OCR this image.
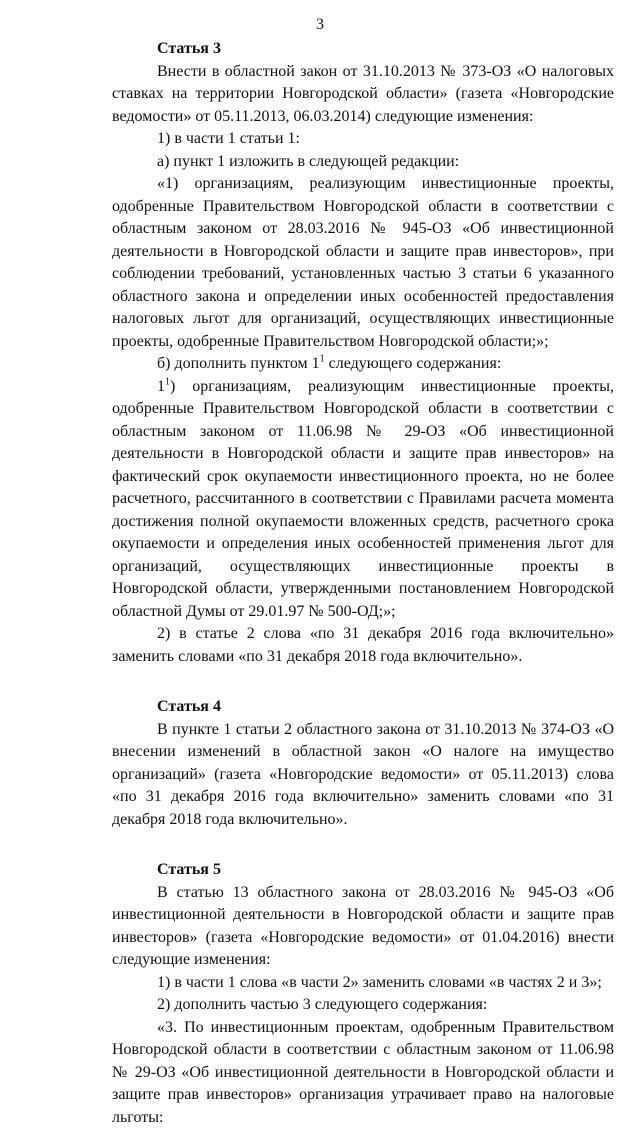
3
Статья 3

Внести в областной закон от 31.10.2013 № 373-ОЗ «О налоговых ставках на территории Новгородской области» (газета «Новгородские ведомости» от 05.11.2013, 06.03.2014) следующие изменения:

1) в части 1 статьи 1:

а) пункт 1 изложить в следующей редакции:

«1) организациям, реализующим инвестиционные проекты, одобренные Правительством Новгородской области в соответствии с областным законом от 28.03.2016 № 945-ОЗ «Об инвестиционной деятельности в Новгородской области и защите прав инвесторов», при соблюдении требований, установленных частью 3 статьи 6 указанного областного закона и определении иных особенностей предоставления налоговых льгот для организаций, осуществляющих инвестиционные проекты, одобренные Правительством Новгородской области;»;

б) дополнить пунктом $1^1$ следующего содержания:

$1^1$) организациям, реализующим инвестиционные проекты, одобренные Правительством Новгородской области в соответствии с областным законом от 11.06.98 № 29-ОЗ «Об инвестиционной деятельности в Новгородской области и защите прав инвесторов» на фактический срок окупаемости инвестиционного проекта, но не более расчетного, рассчитанного в соответствии с Правилами расчета момента достижения полной окупаемости вложенных средств, расчетного срока окупаемости и определения иных особенностей применения льгот для организаций, осуществляющих инвестиционные проекты в Новгородской области, утвержденными постановлением Новгородской областной Думы от 29.01.97 № 500-ОД;»;

2) в статье 2 слова «по 31 декабря 2016 года включительно» заменить словами «по 31 декабря 2018 года включительно».

Статья 4

В пункте 1 статьи 2 областного закона от 31.10.2013 № 374-ОЗ «О внесении изменений в областной закон «О налоге на имущество организаций» (газета «Новгородские ведомости» от 05.11.2013) слова «по 31 декабря 2016 года включительно» заменить словами «по 31 декабря 2018 года включительно».

Статья 5

В статью 13 областного закона от 28.03.2016 № 945-ОЗ «Об инвестиционной деятельности в Новгородской области и защите прав инвесторов» (газета «Новгородские ведомости» от 01.04.2016) внести следующие изменения:

1) в части 1 слова «в части 2» заменить словами «в частях 2 и 3»;

2) дополнить частью 3 следующего содержания:

«3. По инвестиционным проектам, одобренным Правительством Новгородской области в соответствии с областным законом от 11.06.98 № 29-ОЗ «Об инвестиционной деятельности в Новгородской области и защите прав инвесторов» организация утрачивает право на налоговые льготы:
